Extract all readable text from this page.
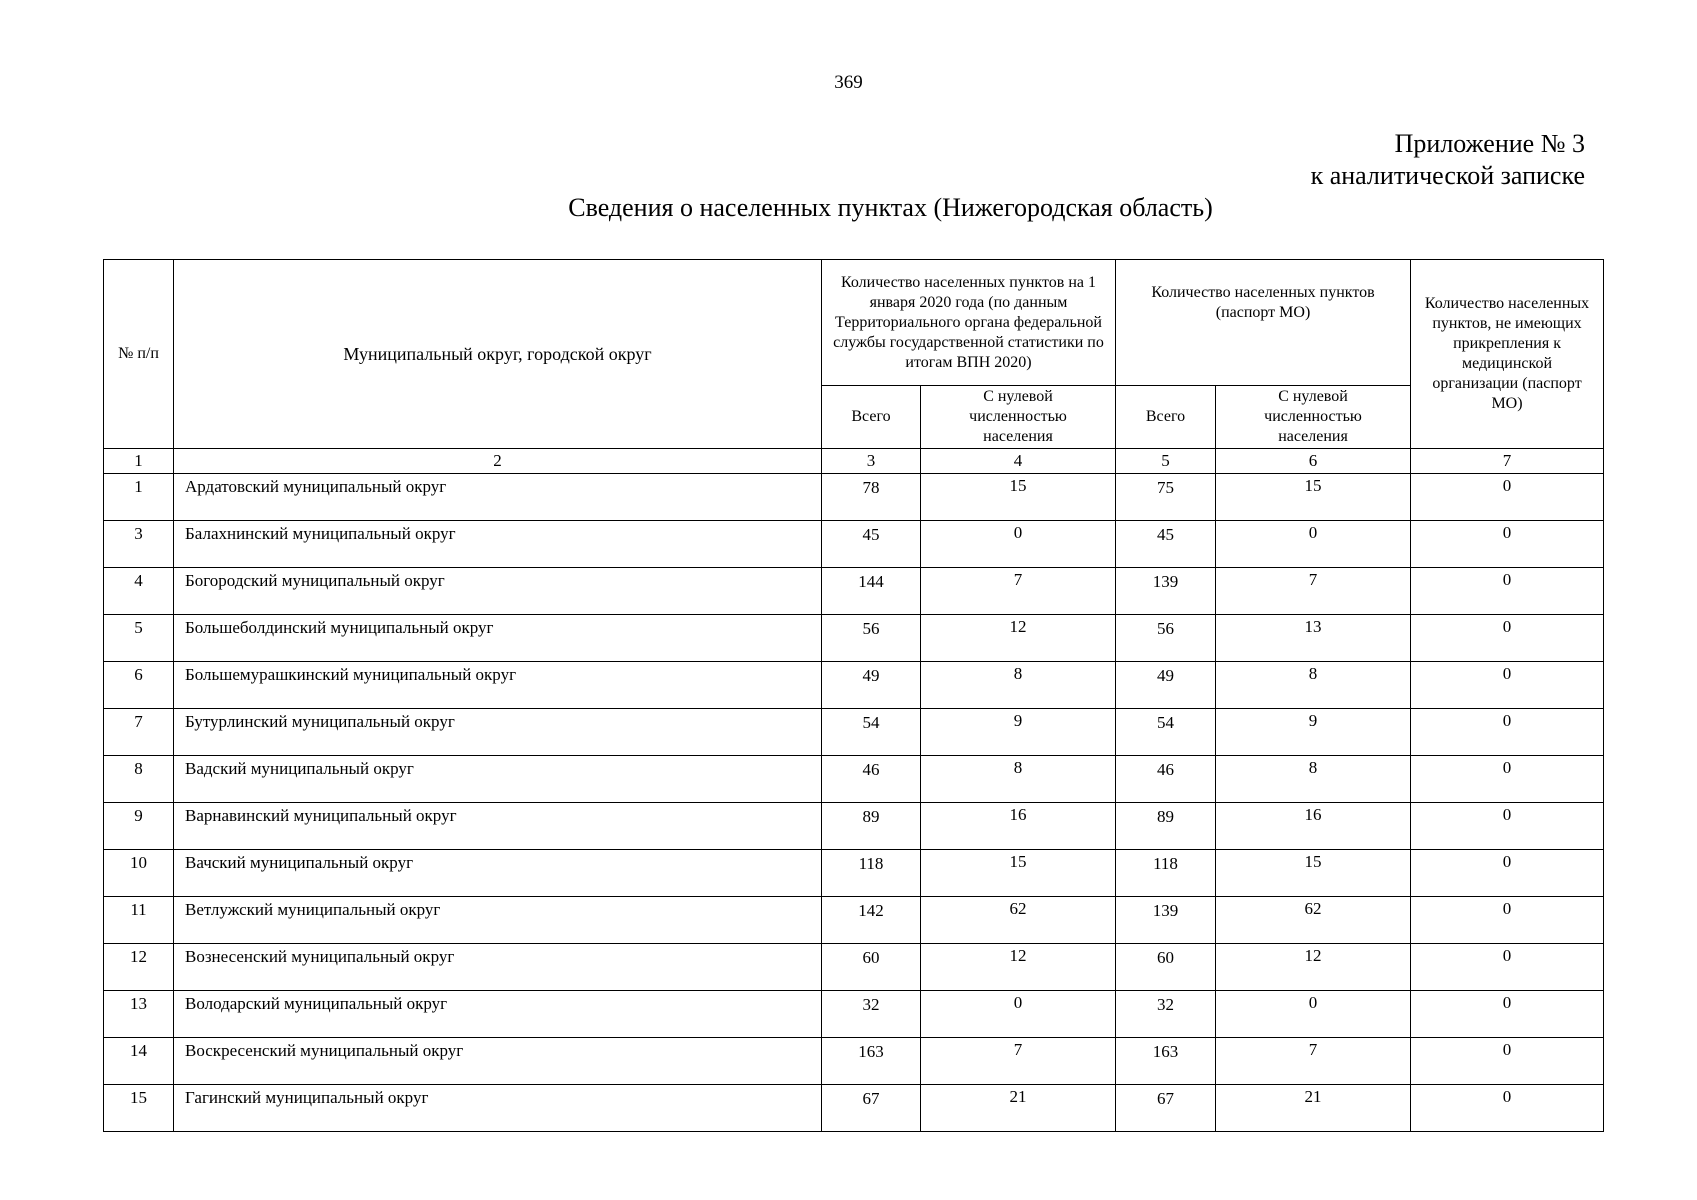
369
Приложение № 3
к аналитической записке
Сведения о населенных пунктах (Нижегородская область)
№ п/п	Муниципальный округ, городской округ	Количество населенных пунктов на 1 января 2020 года (по данным Территориального органа федеральной службы государственной статистики по итогам ВПН 2020)		Количество населенных пунктов (паспорт МО)		Количество населенных пунктов, не имеющих прикрепления к медицинской организации (паспорт МО)
		Всего	С нулевой численностью населения	Всего	С нулевой численностью населения	
1	2	3	4	5	6	7
1	Ардатовский муниципальный округ	78	15	75	15	0
3	Балахнинский муниципальный округ	45	0	45	0	0
4	Богородский муниципальный округ	144	7	139	7	0
5	Большеболдинский муниципальный округ	56	12	56	13	0
6	Большемурашкинский муниципальный округ	49	8	49	8	0
7	Бутурлинский муниципальный округ	54	9	54	9	0
8	Вадский муниципальный округ	46	8	46	8	0
9	Варнавинский муниципальный округ	89	16	89	16	0
10	Вачский муниципальный округ	118	15	118	15	0
11	Ветлужский муниципальный округ	142	62	139	62	0
12	Вознесенский муниципальный округ	60	12	60	12	0
13	Володарский муниципальный округ	32	0	32	0	0
14	Воскресенский муниципальный округ	163	7	163	7	0
15	Гагинский муниципальный округ	67	21	67	21	0
